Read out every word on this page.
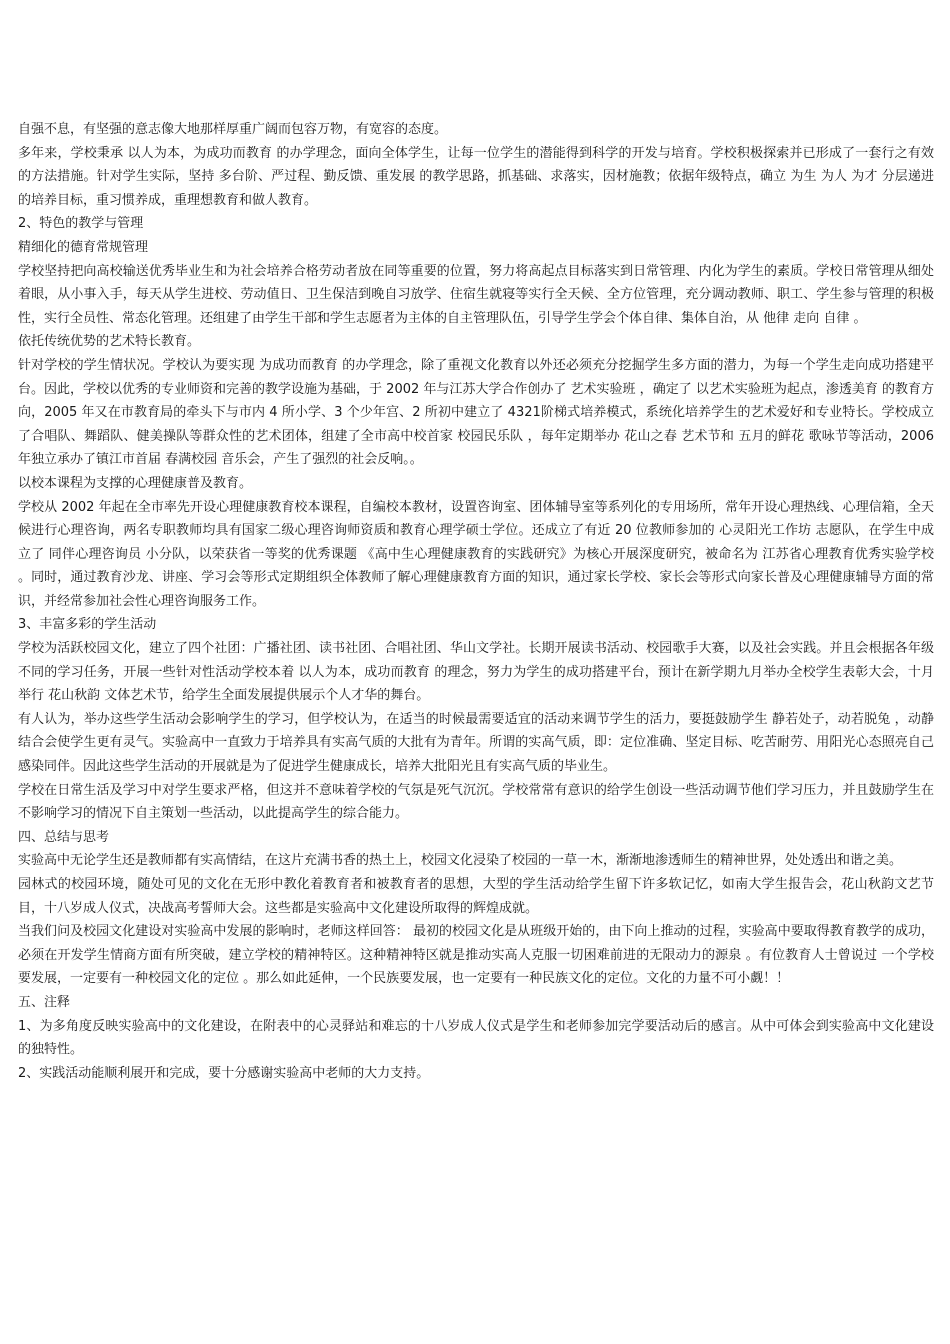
自强不息，有坚强的意志像大地那样厚重广阔而包容万物，有宽容的态度。

多年来，学校秉承 以人为本，为成功而教育 的办学理念，面向全体学生，让每一位学生的潜能得到科学的开发与培育。学校积极探索并已形成了一套行之有效的方法措施。针对学生实际，坚持 多台阶、严过程、勤反馈、重发展 的教学思路，抓基础、求落实，因材施教；依据年级特点，确立 为生 为人 为才 分层递进的培养目标，重习惯养成，重理想教育和做人教育。

2、特色的教学与管理

精细化的德育常规管理

学校坚持把向高校输送优秀毕业生和为社会培养合格劳动者放在同等重要的位置，努力将高起点目标落实到日常管理、内化为学生的素质。学校日常管理从细处着眼，从小事入手，每天从学生进校、劳动值日、卫生保洁到晚自习放学、住宿生就寝等实行全天候、全方位管理，充分调动教师、职工、学生参与管理的积极性，实行全员性、常态化管理。还组建了由学生干部和学生志愿者为主体的自主管理队伍，引导学生学会个体自律、集体自治，从 他律 走向 自律 。

依托传统优势的艺术特长教育。

针对学校的学生情状况。学校认为要实现 为成功而教育 的办学理念，除了重视文化教育以外还必须充分挖掘学生多方面的潜力，为每一个学生走向成功搭建平台。因此，学校以优秀的专业师资和完善的教学设施为基础，于 2002 年与江苏大学合作创办了 艺术实验班 ，确定了 以艺术实验班为起点，渗透美育 的教育方向，2005 年又在市教育局的牵头下与市内 4 所小学、3 个少年宫、2 所初中建立了 4321阶梯式培养模式，系统化培养学生的艺术爱好和专业特长。学校成立了合唱队、舞蹈队、健美操队等群众性的艺术团体，组建了全市高中校首家 校园民乐队 ，每年定期举办 花山之春 艺术节和 五月的鲜花 歌咏节等活动，2006 年独立承办了镇江市首届 春满校园 音乐会，产生了强烈的社会反响。。

以校本课程为支撑的心理健康普及教育。

学校从 2002 年起在全市率先开设心理健康教育校本课程，自编校本教材，设置咨询室、团体辅导室等系列化的专用场所，常年开设心理热线、心理信箱，全天候进行心理咨询，两名专职教师均具有国家二级心理咨询师资质和教育心理学硕士学位。还成立了有近 20 位教师参加的 心灵阳光工作坊 志愿队，在学生中成立了 同伴心理咨询员 小分队，以荣获省一等奖的优秀课题 《高中生心理健康教育的实践研究》为核心开展深度研究，被命名为 江苏省心理教育优秀实验学校 。同时，通过教育沙龙、讲座、学习会等形式定期组织全体教师了解心理健康教育方面的知识，通过家长学校、家长会等形式向家长普及心理健康辅导方面的常识，并经常参加社会性心理咨询服务工作。

3、丰富多彩的学生活动

学校为活跃校园文化，建立了四个社团：广播社团、读书社团、合唱社团、华山文学社。长期开展读书活动、校园歌手大赛，以及社会实践。并且会根据各年级不同的学习任务，开展一些针对性活动学校本着 以人为本，成功而教育 的理念，努力为学生的成功搭建平台，预计在新学期九月举办全校学生表彰大会，十月举行 花山秋韵 文体艺术节，给学生全面发展提供展示个人才华的舞台。

有人认为，举办这些学生活动会影响学生的学习，但学校认为，在适当的时候最需要适宜的活动来调节学生的活力，要挺鼓励学生 静若处子，动若脱兔 ，动静结合会使学生更有灵气。实验高中一直致力于培养具有实高气质的大批有为青年。所谓的实高气质，即：定位准确、坚定目标、吃苦耐劳、用阳光心态照亮自己感染同伴。因此这些学生活动的开展就是为了促进学生健康成长，培养大批阳光且有实高气质的毕业生。

学校在日常生活及学习中对学生要求严格，但这并不意味着学校的气氛是死气沉沉。学校常常有意识的给学生创设一些活动调节他们学习压力，并且鼓励学生在不影响学习的情况下自主策划一些活动，以此提高学生的综合能力。

四、总结与思考

实验高中无论学生还是教师都有实高情结，在这片充满书香的热土上，校园文化浸染了校园的一草一木，渐渐地渗透师生的精神世界，处处透出和谐之美。

园林式的校园环境，随处可见的文化在无形中教化着教育者和被教育者的思想，大型的学生活动给学生留下许多软记忆，如南大学生报告会，花山秋韵文艺节目，十八岁成人仪式，决战高考誓师大会。这些都是实验高中文化建设所取得的辉煌成就。

当我们问及校园文化建设对实验高中发展的影响时，老师这样回答： 最初的校园文化是从班级开始的，由下向上推动的过程，实验高中要取得教育教学的成功，必须在开发学生情商方面有所突破，建立学校的精神特区。这种精神特区就是推动实高人克服一切困难前进的无限动力的源泉 。有位教育人士曾说过 一个学校要发展，一定要有一种校园文化的定位 。那么如此延伸，一个民族要发展，也一定要有一种民族文化的定位。文化的力量不可小觑！！

五、注释

1、为多角度反映实验高中的文化建设，在附表中的心灵驿站和难忘的十八岁成人仪式是学生和老师参加完学要活动后的感言。从中可体会到实验高中文化建设的独特性。

2、实践活动能顺利展开和完成，要十分感谢实验高中老师的大力支持。
